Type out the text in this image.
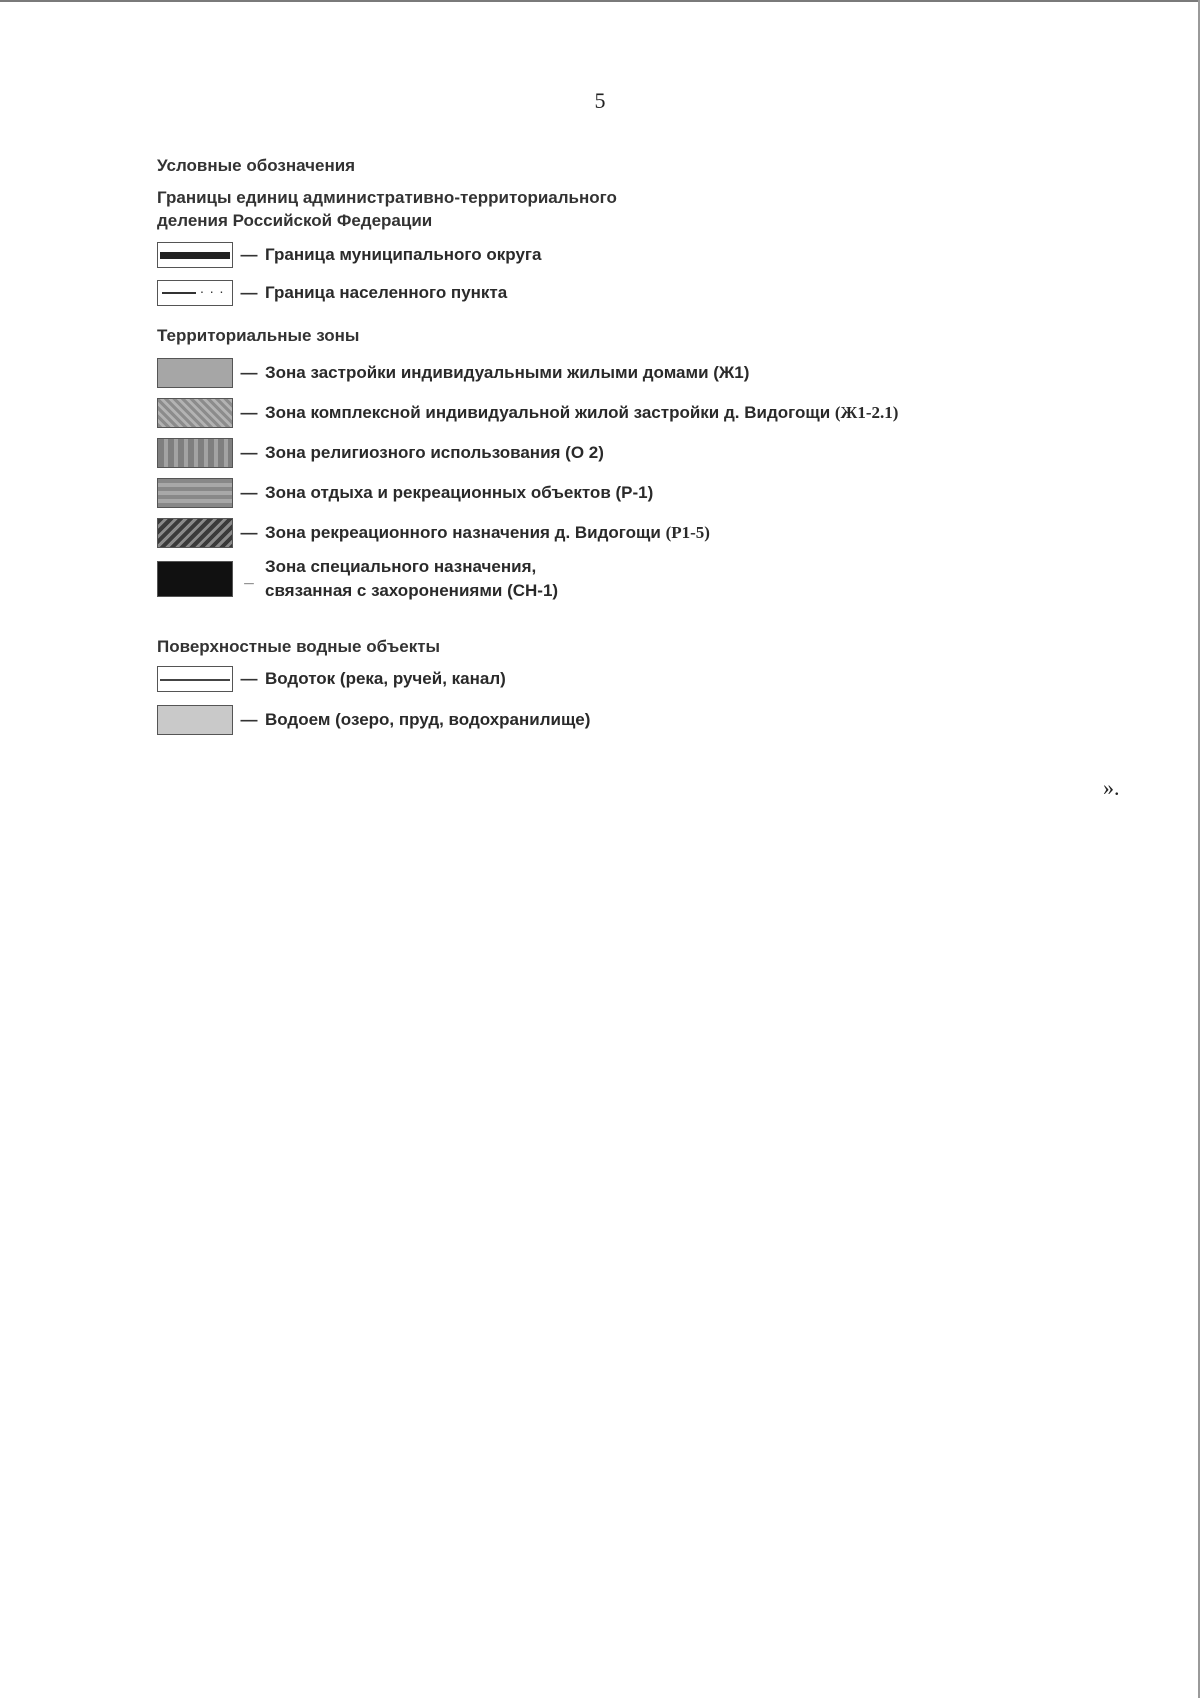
5
Условные обозначения
Границы единиц административно-территориального
деления Российской Федерации
— Граница муниципального округа
. . .
— Граница населенного пункта
Территориальные зоны
— Зона застройки индивидуальными жилыми домами (Ж1)
— Зона комплексной индивидуальной жилой застройки д. Видогощи (Ж1-2.1)
— Зона религиозного использования (О 2)
— Зона отдыха и рекреационных объектов (Р-1)
— Зона рекреационного назначения д. Видогощи (Р1-5)
_
Зона специального назначения,
связанная с захоронениями (СН-1)
Поверхностные водные объекты
— Водоток (река, ручей, канал)
— Водоем (озеро, пруд, водохранилище)
».
